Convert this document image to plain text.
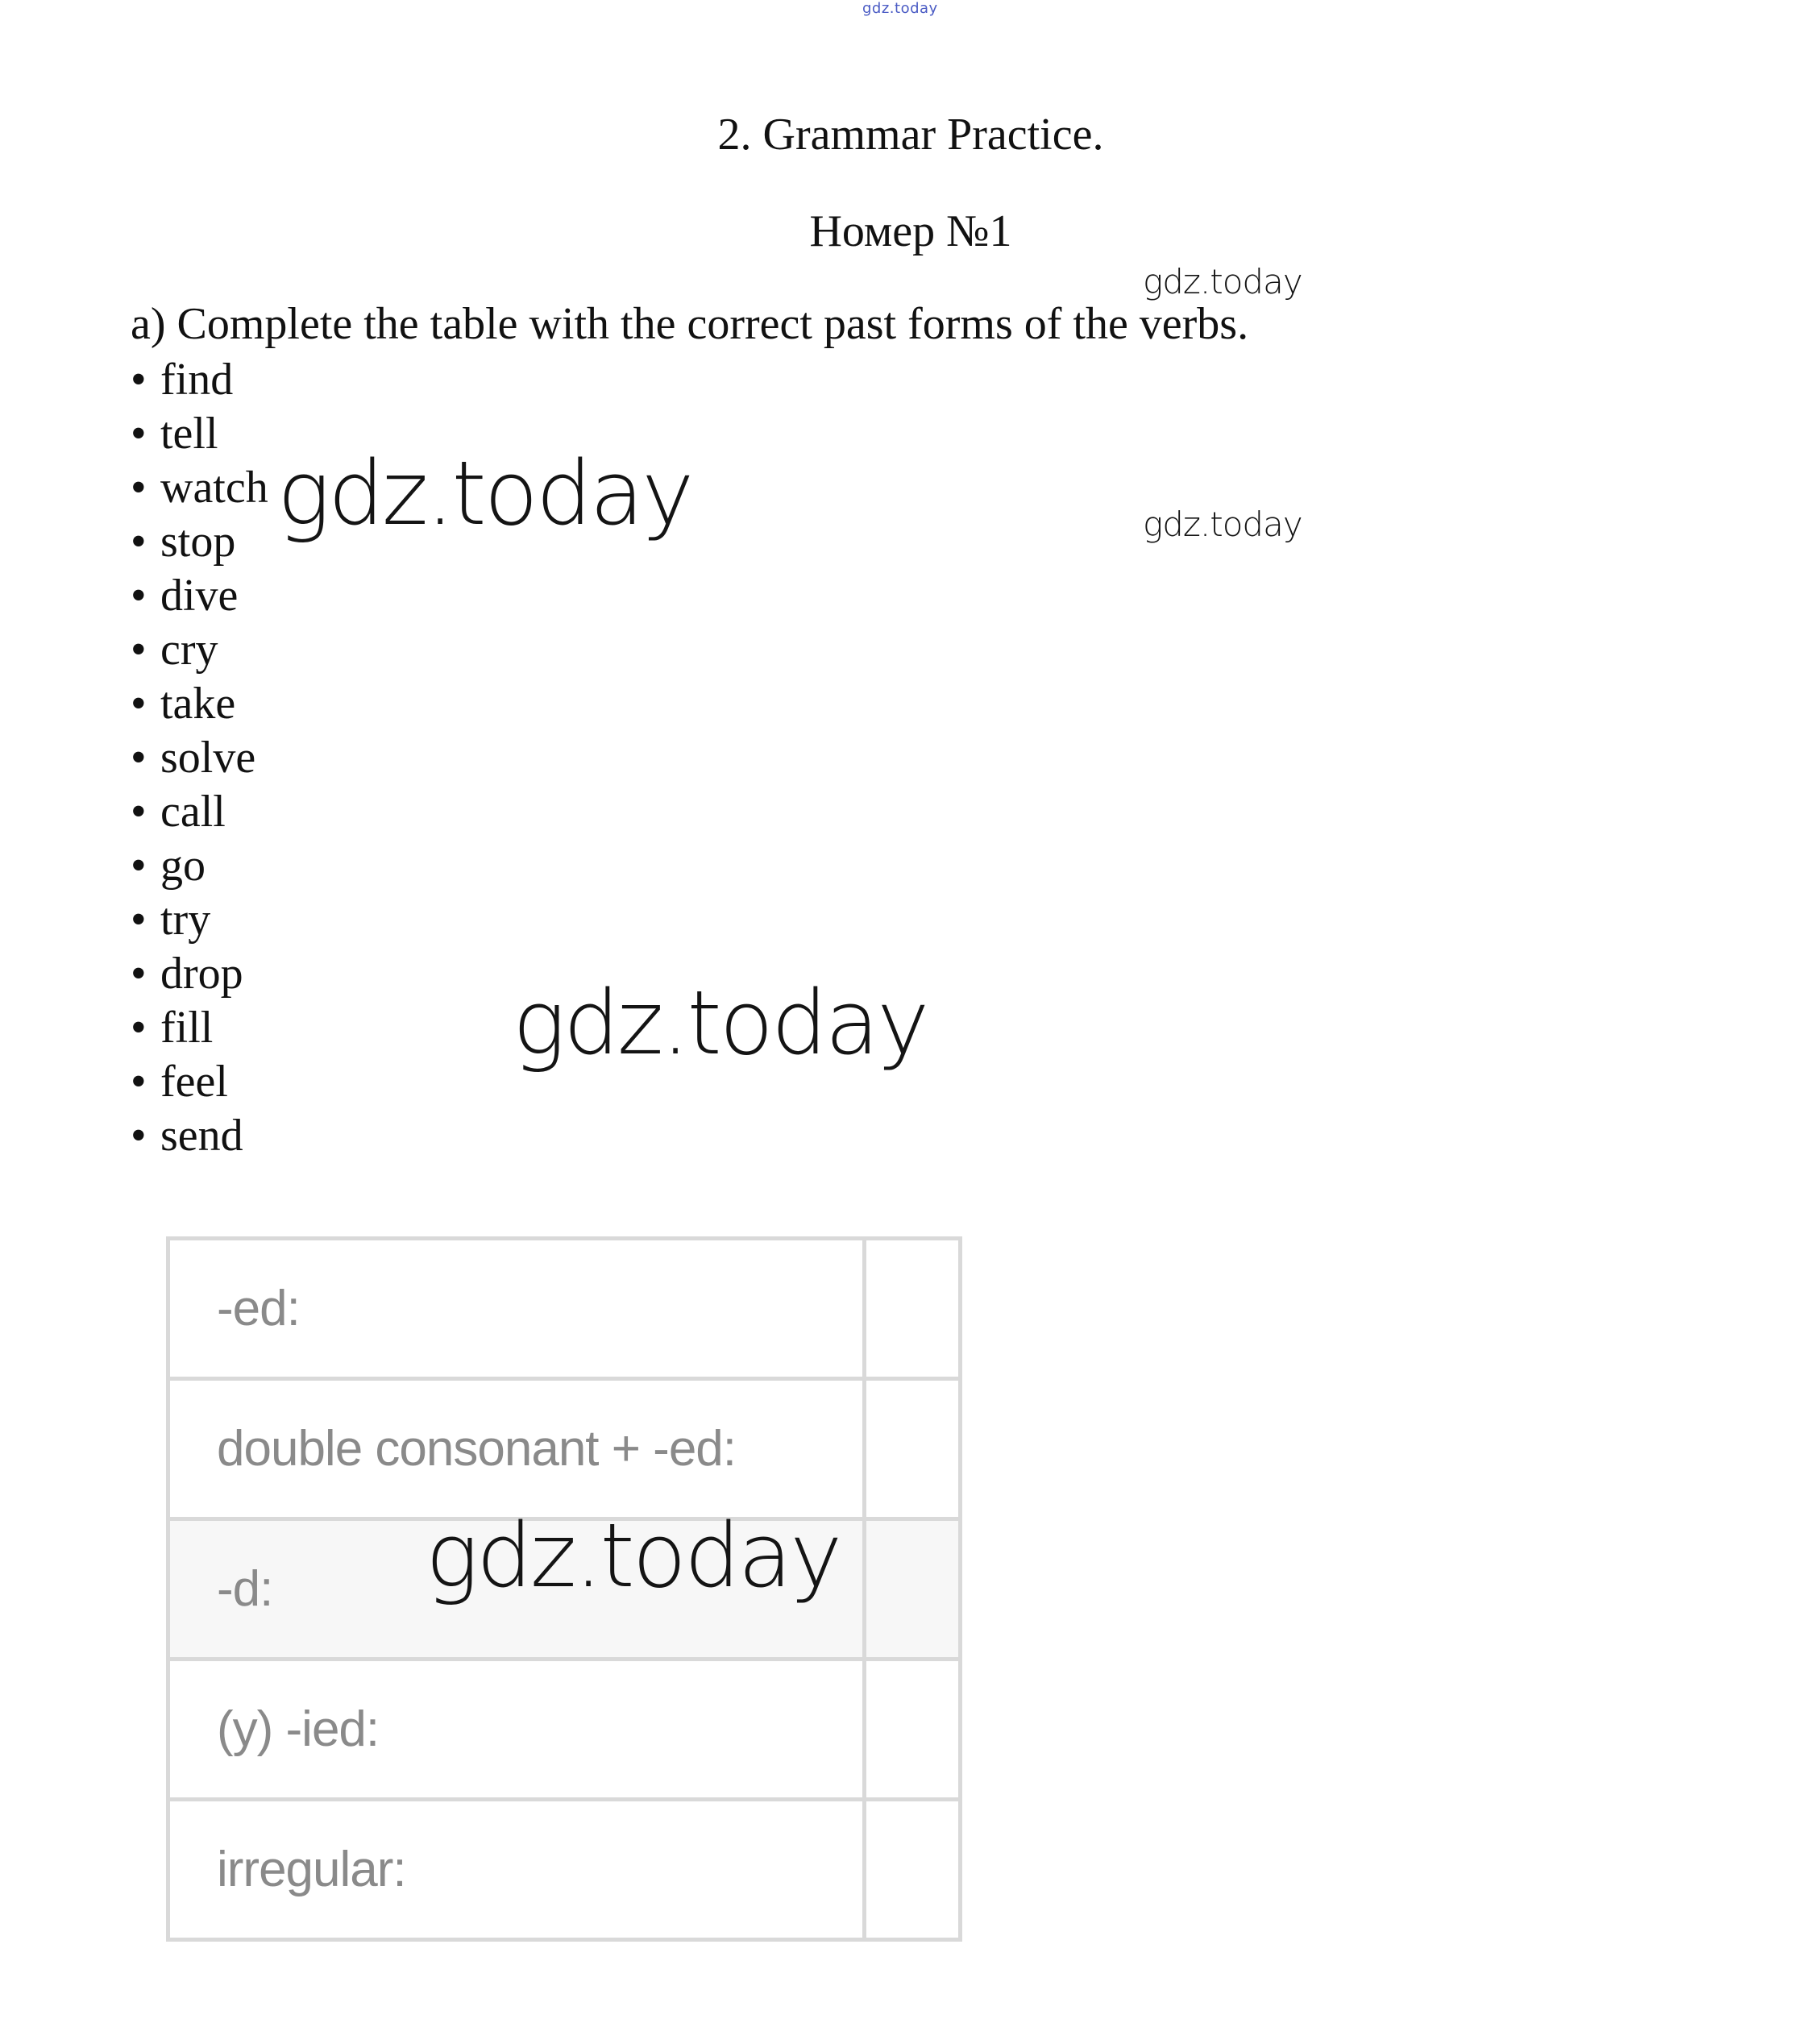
gdz.today
2. Grammar Practice.
Номер №1
a) Complete the table with the correct past forms of the verbs.
• find
• tell
• watch
• stop
• dive
• cry
• take
• solve
• call
• go
• try
• drop
• fill
• feel
• send
-ed:	
double consonant + -ed:	
-d:	
(y) -ied:	
irregular:	
gdz.today
gdz.today	gdz.today
gdz.today
gdz.today
